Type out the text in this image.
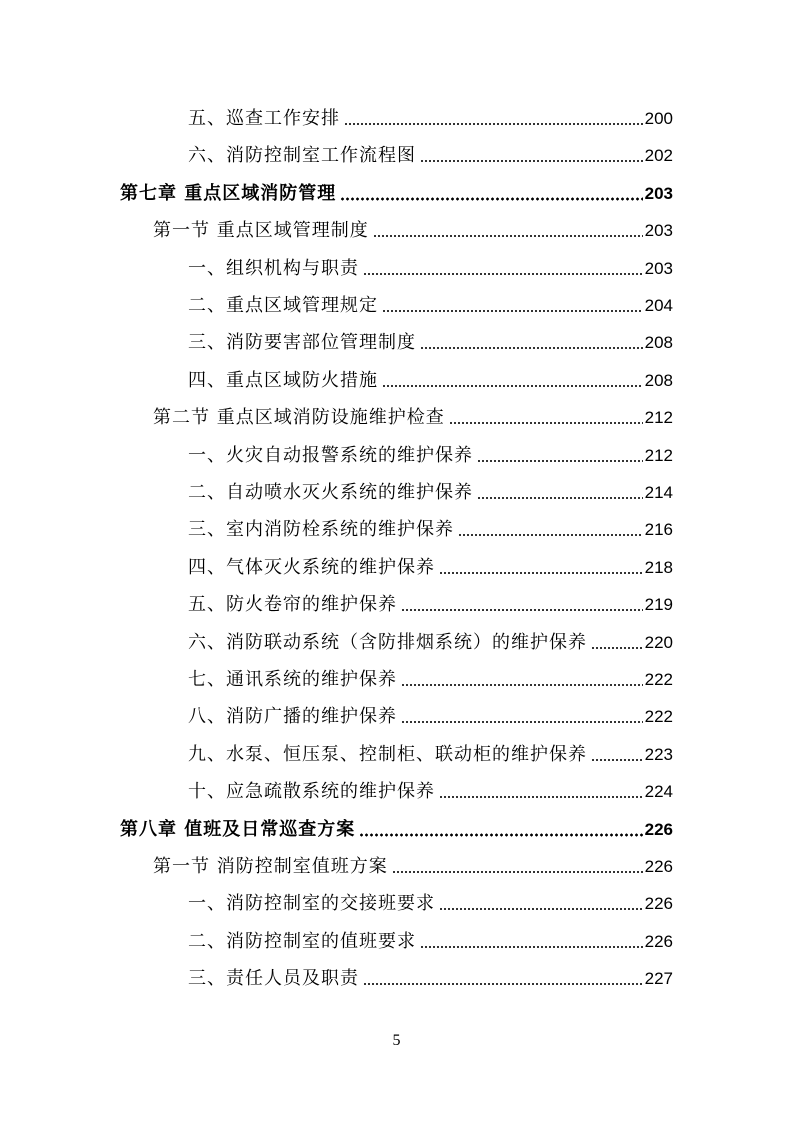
五、巡查工作安排	200
六、消防控制室工作流程图	202
第七章 重点区域消防管理	203
第一节 重点区域管理制度	203
一、组织机构与职责	203
二、重点区域管理规定	204
三、消防要害部位管理制度	208
四、重点区域防火措施	208
第二节 重点区域消防设施维护检查	212
一、火灾自动报警系统的维护保养	212
二、自动喷水灭火系统的维护保养	214
三、室内消防栓系统的维护保养	216
四、气体灭火系统的维护保养	218
五、防火卷帘的维护保养	219
六、消防联动系统（含防排烟系统）的维护保养	220
七、通讯系统的维护保养	222
八、消防广播的维护保养	222
九、水泵、恒压泵、控制柜、联动柜的维护保养	223
十、应急疏散系统的维护保养	224
第八章 值班及日常巡查方案	226
第一节 消防控制室值班方案	226
一、消防控制室的交接班要求	226
二、消防控制室的值班要求	226
三、责任人员及职责	227
5
